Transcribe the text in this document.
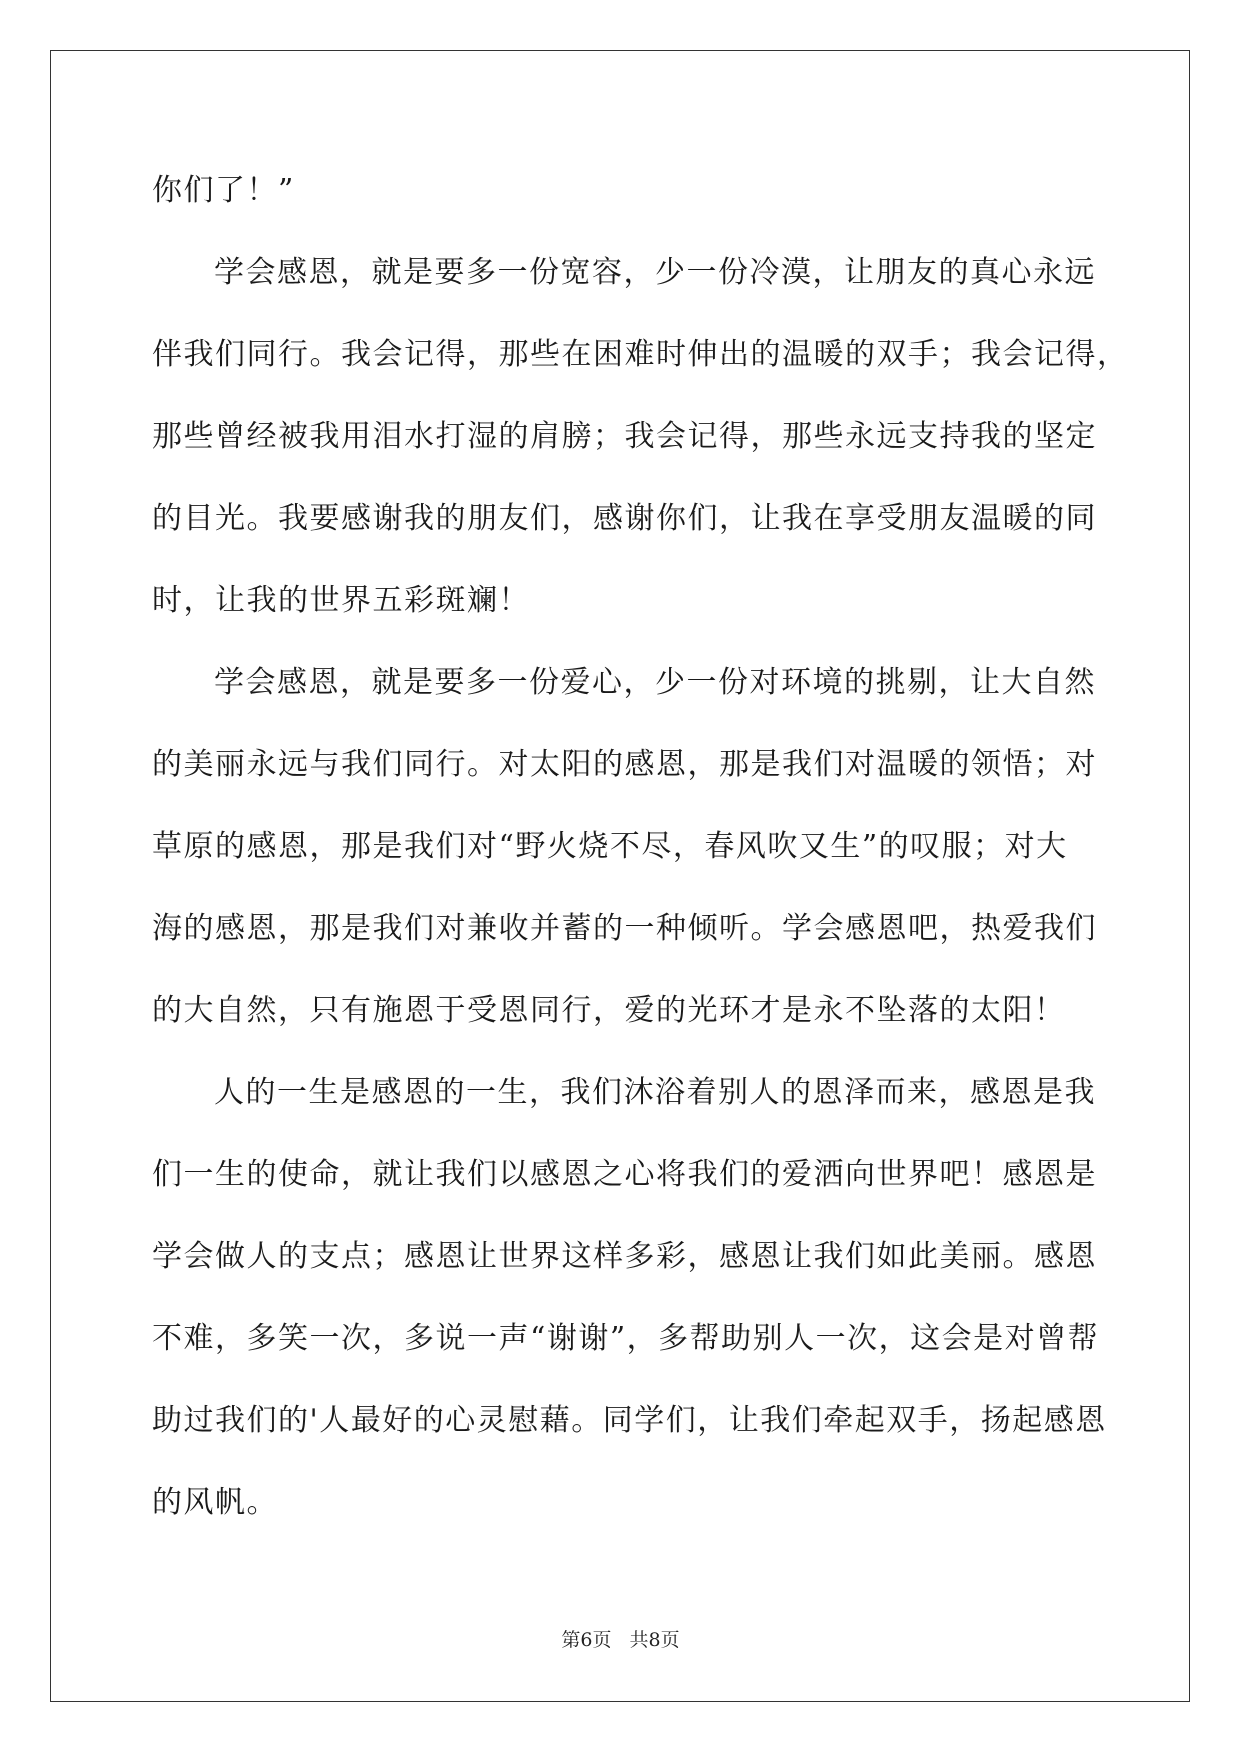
你们了！”
学会感恩，就是要多一份宽容，少一份冷漠，让朋友的真心永远
伴我们同行。我会记得，那些在困难时伸出的温暖的双手；我会记得，
那些曾经被我用泪水打湿的肩膀；我会记得，那些永远支持我的坚定
的目光。我要感谢我的朋友们，感谢你们，让我在享受朋友温暖的同
时，让我的世界五彩斑斓！
学会感恩，就是要多一份爱心，少一份对环境的挑剔，让大自然
的美丽永远与我们同行。对太阳的感恩，那是我们对温暖的领悟；对
草原的感恩，那是我们对“野火烧不尽，春风吹又生”的叹服；对大
海的感恩，那是我们对兼收并蓄的一种倾听。学会感恩吧，热爱我们
的大自然，只有施恩于受恩同行，爱的光环才是永不坠落的太阳！
人的一生是感恩的一生，我们沐浴着别人的恩泽而来，感恩是我
们一生的使命，就让我们以感恩之心将我们的爱洒向世界吧！感恩是
学会做人的支点；感恩让世界这样多彩，感恩让我们如此美丽。感恩
不难，多笑一次，多说一声“谢谢”，多帮助别人一次，这会是对曾帮
助过我们的'人最好的心灵慰藉。同学们，让我们牵起双手，扬起感恩
的风帆。
第6页 共8页
